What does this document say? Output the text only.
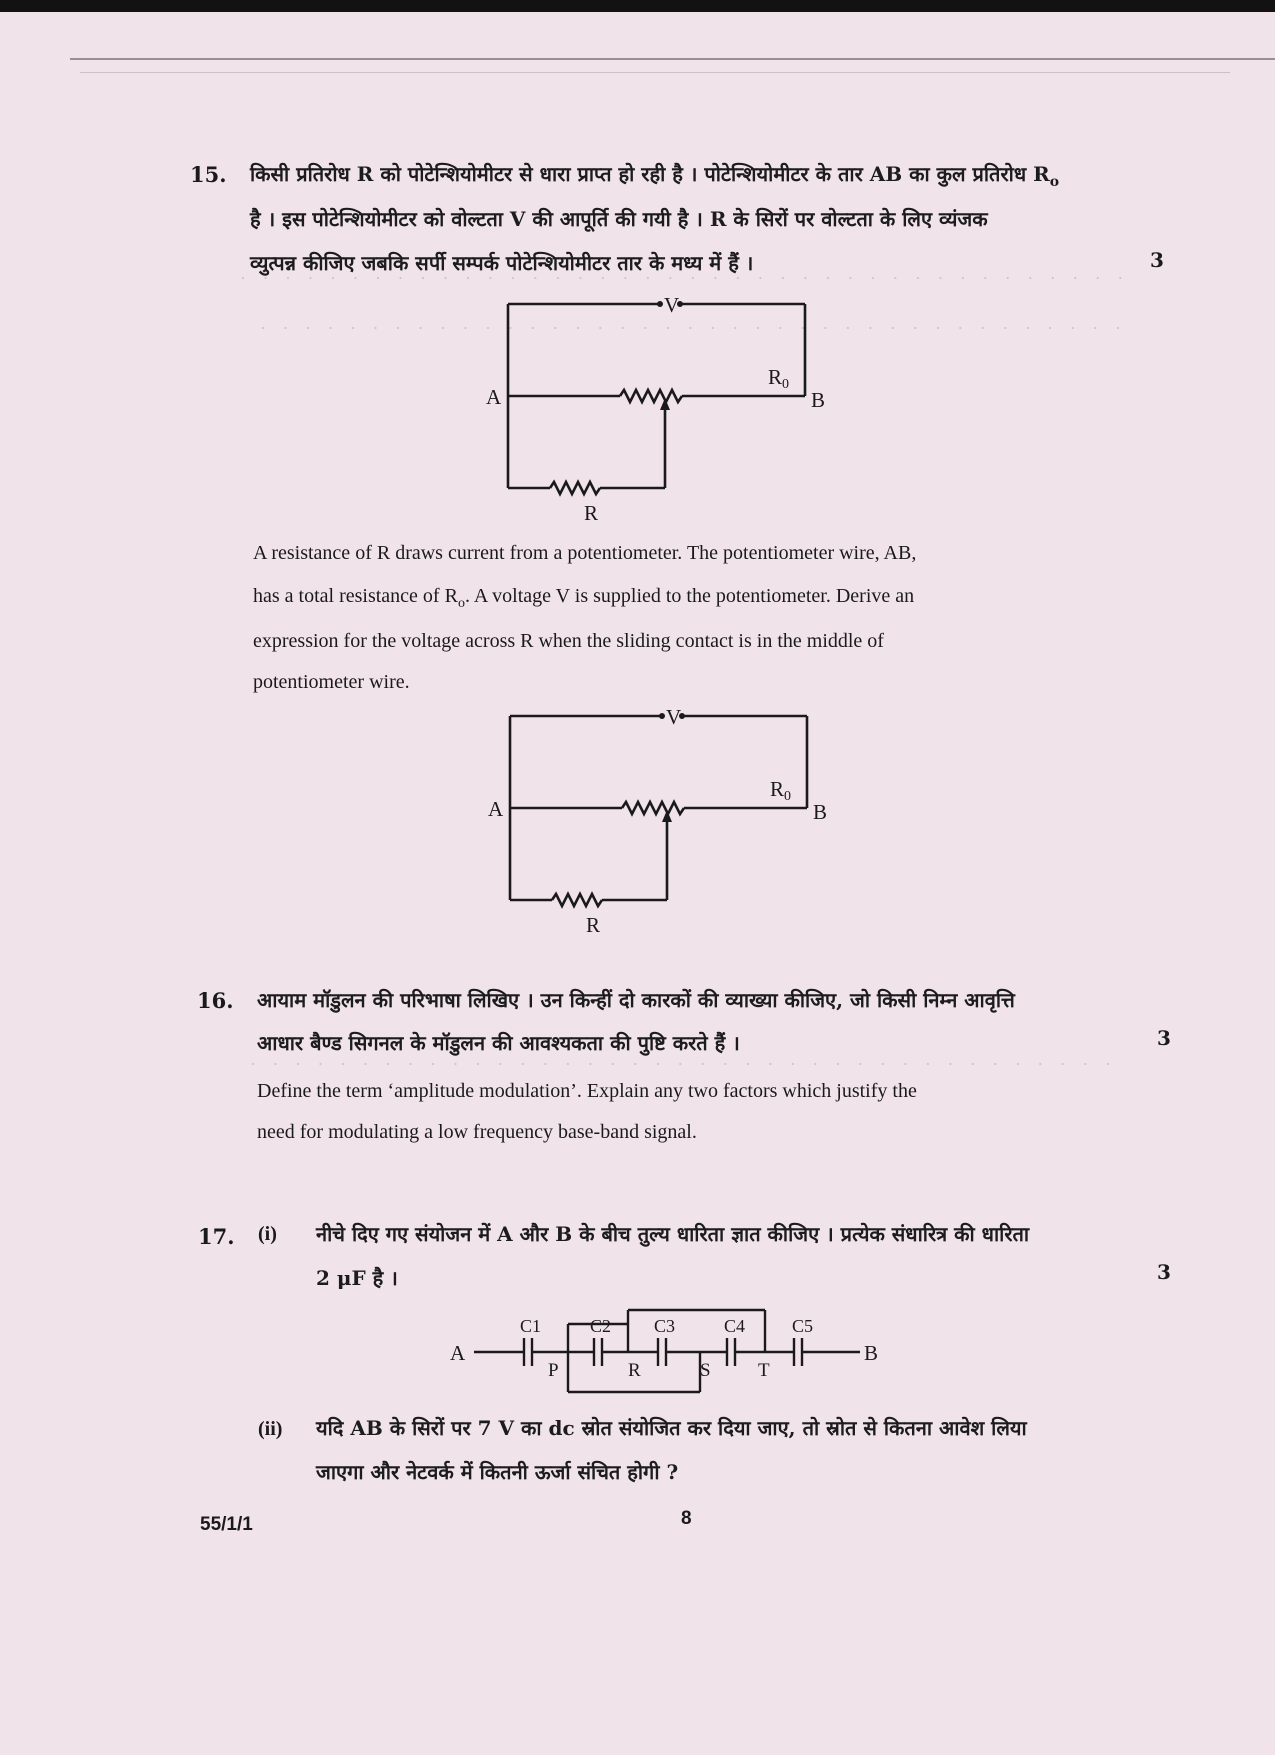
· · · · · · · · · · · · · · · · · · · · · · · · · · · · · · · · · · · · · · · ·
· · · · · · · · · · · · · · · · · · · · · · · · · · · · · · · · · · · · · · ·
· · · · · · · · · · · · · · · · · · · · · · · · · · · · · · · · · · · · · · ·
15. किसी प्रतिरोध R को पोटेन्शियोमीटर से धारा प्राप्त हो रही है । पोटेन्शियोमीटर के तार AB का कुल प्रतिरोध $R_o$
है । इस पोटेन्शियोमीटर को वोल्टता V की आपूर्ति की गयी है । R के सिरों पर वोल्टता के लिए व्यंजक
व्युत्पन्न कीजिए जबकि सर्पी सम्पर्क पोटेन्शियोमीटर तार के मध्य में हैं ।	3
V
A	B
R0
R
A resistance of R draws current from a potentiometer. The potentiometer wire, AB,
has a total resistance of $R_o$. A voltage V is supplied to the potentiometer. Derive an
expression for the voltage across R when the sliding contact is in the middle of
potentiometer wire.
V
A	B
R0
R
16. आयाम मॉडुलन की परिभाषा लिखिए । उन किन्हीं दो कारकों की व्याख्या कीजिए, जो किसी निम्न आवृत्ति
आधार बैण्ड सिगनल के मॉडुलन की आवश्यकता की पुष्टि करते हैं ।	3
Define the term ‘amplitude modulation’. Explain any two factors which justify the
need for modulating a low frequency base-band signal.
17. (i) नीचे दिए गए संयोजन में A और B के बीच तुल्य धारिता ज्ञात कीजिए । प्रत्येक संधारित्र की धारिता
2 μF है ।	3
A	B
C1	C2 C3	C4	C5
P	R	S T
(ii) यदि AB के सिरों पर 7 V का dc स्रोत संयोजित कर दिया जाए, तो स्रोत से कितना आवेश लिया
जाएगा और नेटवर्क में कितनी ऊर्जा संचित होगी ?
55/1/1	8
